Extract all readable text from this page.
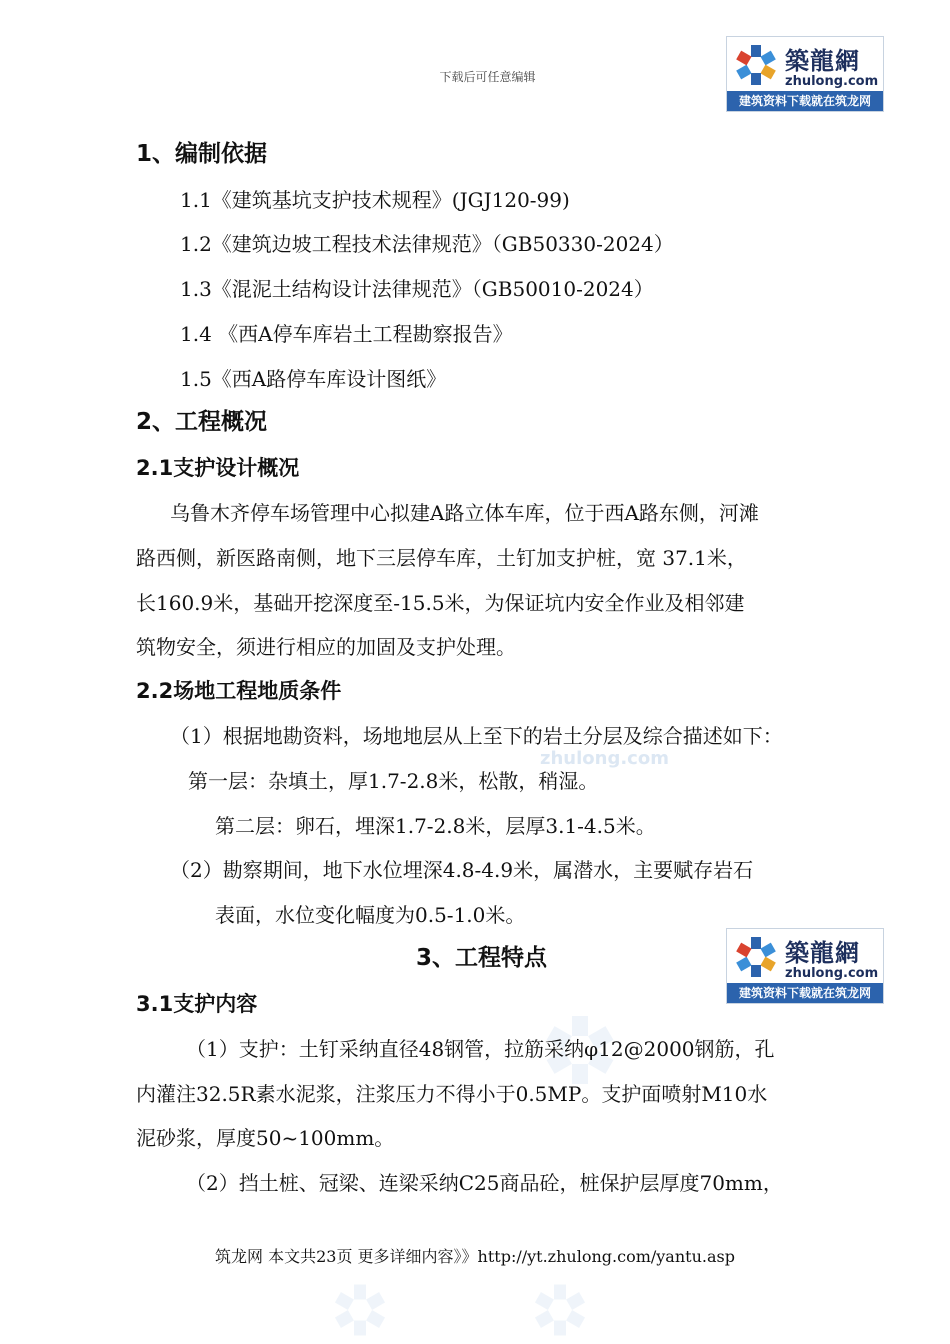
下载后可任意编辑
築龍網
zhulong.com
建筑资料下载就在筑龙网
築龍網
zhulong.com
建筑资料下载就在筑龙网
zhulong.com
1、编制依据
1.1《建筑基坑支护技术规程》(JGJ120-99)
1.2《建筑边坡工程技术法律规范》（GB50330-2024）
1.3《混泥土结构设计法律规范》（GB50010-2024）
1.4 《西A停车库岩土工程勘察报告》
1.5《西A路停车库设计图纸》
2、工程概况
2.1支护设计概况
乌鲁木齐停车场管理中心拟建A路立体车库，位于西A路东侧，河滩
路西侧，新医路南侧，地下三层停车库，土钉加支护桩，宽 37.1米，
长160.9米，基础开挖深度至-15.5米，为保证坑内安全作业及相邻建
筑物安全，须进行相应的加固及支护处理。
2.2场地工程地质条件
（1）根据地勘资料，场地地层从上至下的岩土分层及综合描述如下：
第一层：杂填土，厚1.7-2.8米，松散，稍湿。
第二层：卵石，埋深1.7-2.8米，层厚3.1-4.5米。
（2）勘察期间，地下水位埋深4.8-4.9米，属潜水，主要赋存岩石
表面，水位变化幅度为0.5-1.0米。
3、工程特点
3.1支护内容
（1）支护：土钉采纳直径48钢管，拉筋采纳φ12@2000钢筋，孔
内灌注32.5R素水泥浆，注浆压力不得小于0.5MP。支护面喷射M10水
泥砂浆，厚度50~100mm。
（2）挡土桩、冠梁、连梁采纳C25商品砼，桩保护层厚度70mm，
筑龙网 本文共23页 更多详细内容》》http://yt.zhulong.com/yantu.asp
